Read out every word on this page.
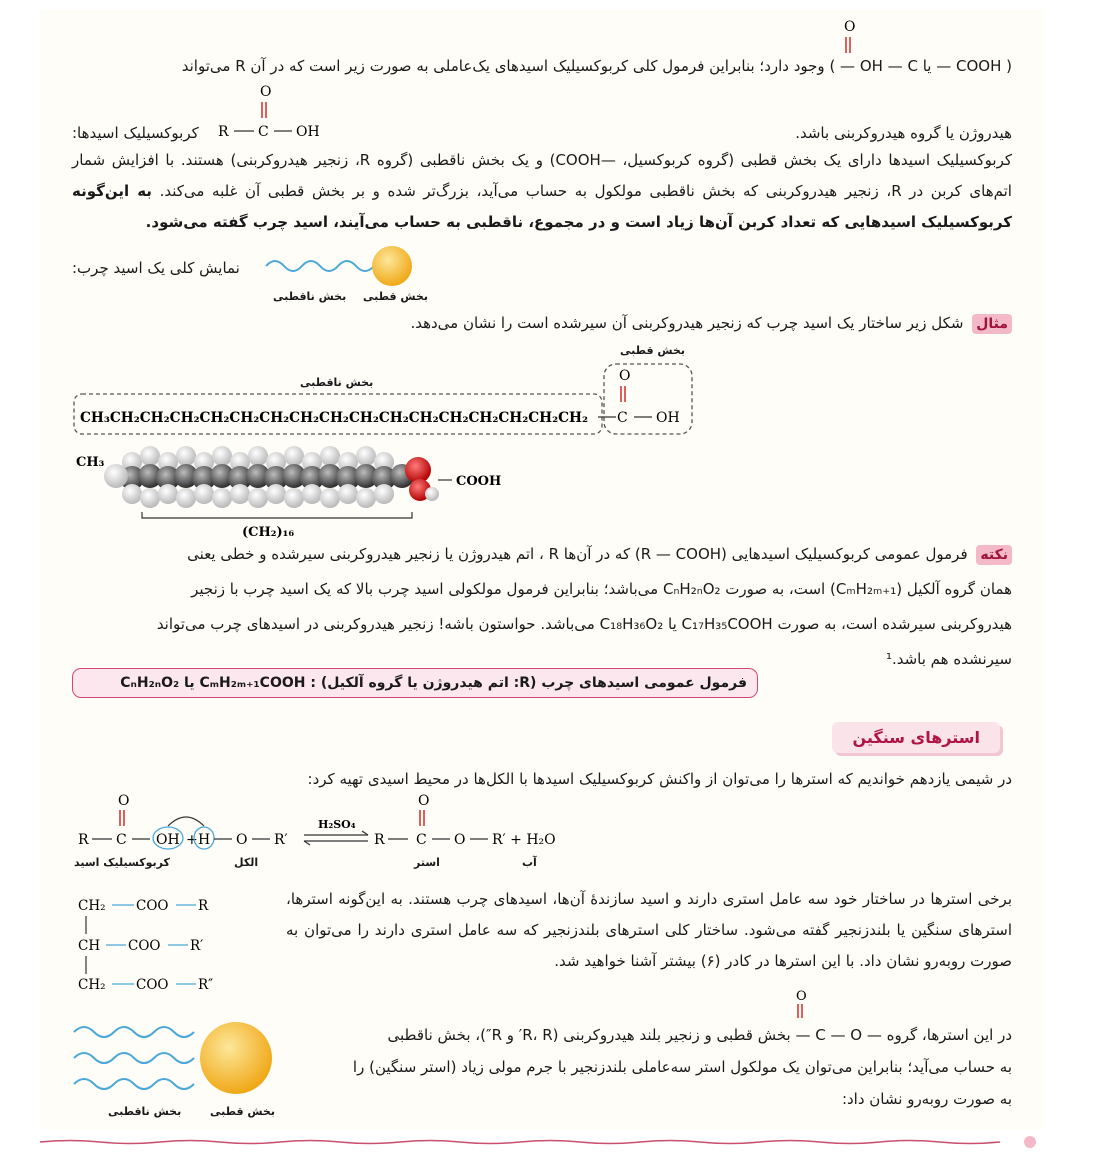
( COOH — یا OH — C — ) وجود دارد؛ بنابراین فرمول کلی کربوکسیلیک اسیدهای یک‌عاملی به صورت زیر است که در آن R می‌تواند
O
هیدروژن یا گروه هیدروکربنی باشد.
کربوکسیلیک اسیدها:
O
R C OH
کربوکسیلیک اسیدها دارای یک بخش قطبی (گروه کربوکسیل، —COOH) و یک بخش ناقطبی (گروه R، زنجیر هیدروکربنی) هستند. با افزایش شمار اتم‌های کربن در R، زنجیر هیدروکربنی که بخش ناقطبی مولکول به حساب می‌آید، بزرگ‌تر شده و بر بخش قطبی آن غلبه می‌کند. به این‌گونه کربوکسیلیک اسیدهایی که تعداد کربن آن‌ها زیاد است و در مجموع، ناقطبی به حساب می‌آیند، اسید چرب گفته می‌شود.
نمایش کلی یک اسید چرب:
بخش قطبی
بخش ناقطبی
مثال شکل زیر ساختار یک اسید چرب که زنجیر هیدروکربنی آن سیرشده است را نشان می‌دهد.
بخش قطبی
بخش ناقطبی
CH₃CH₂CH₂CH₂CH₂CH₂CH₂CH₂CH₂CH₂CH₂CH₂CH₂CH₂CH₂CH₂CH₂
O
C OH
CH₃
COOH
(CH₂)₁₆
نکته فرمول عمومی کربوکسیلیک اسیدهایی (R — COOH) که در آن‌ها R ، اتم هیدروژن یا زنجیر هیدروکربنی سیرشده و خطی یعنی
همان گروه آلکیل (CₘH₂ₘ₊₁) است، به صورت CₙH₂ₙO₂ می‌باشد؛ بنابراین فرمول مولکولی اسید چرب بالا که یک اسید چرب با زنجیر
هیدروکربنی سیرشده است، به صورت C₁₇H₃₅COOH یا C₁₈H₃₆O₂ می‌باشد. حواستون باشه! زنجیر هیدروکربنی در اسیدهای چرب می‌تواند
سیرنشده هم باشد.¹
فرمول عمومی اسیدهای چرب (R: اتم هیدروژن یا گروه آلکیل) : CₘH₂ₘ₊₁COOH یا CₙH₂ₙO₂
استرهای سنگین
در شیمی یازدهم خواندیم که استرها را می‌توان از واکنش کربوکسیلیک اسیدها با الکل‌ها در محیط اسیدی تهیه کرد:
O
R C OH + H O R′
H₂SO₄
R
O
C O R′ + H₂O
کربوکسیلیک اسید	الکل	استر	آب
برخی استرها در ساختار خود سه عامل استری دارند و اسید سازندهٔ آن‌ها، اسیدهای چرب هستند. به این‌گونه استرها، استرهای سنگین یا بلندزنجیر گفته می‌شود. ساختار کلی استرهای بلندزنجیر که سه عامل استری دارند را می‌توان به صورت روبه‌رو نشان داد. با این استرها در کادر (۶) بیشتر آشنا خواهید شد.
CH₂ COO R
CH COO R′
CH₂ COO R″
در این استرها، گروه — C — O — بخش قطبی و زنجیر بلند هیدروکربنی (R، R′ و R″)، بخش ناقطبی
O
به حساب می‌آید؛ بنابراین می‌توان یک مولکول استر سه‌عاملی بلندزنجیر با جرم مولی زیاد (استر سنگین) را
به صورت روبه‌رو نشان داد:
بخش قطبی
بخش ناقطبی
